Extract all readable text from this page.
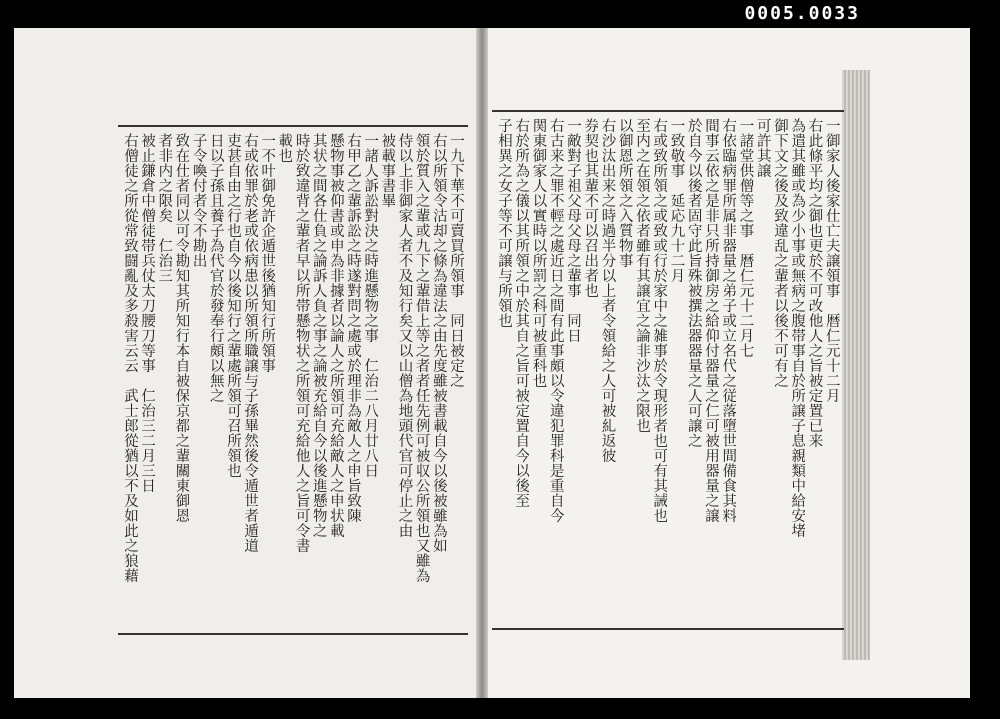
0005.0033
一九下華不可賣買所領事　同日被定之
右以所領令沽却之條為違法之由先度雖被書載自今以後被雖為如
領於質入之輩或九下之輩借上等之者者任先例可被収公所領也又雖為
侍以上非御家人者不及知行矣又以山僧為地頭代官可停止之由
被載事書畢
一諸人訴訟對決之時進懸物之事　仁治二八月廿八日
右甲乙之輩訴訟之時遂對問之處或於理非為敵人之申旨致陳
懸物事被仰書或申為非據者以論人之所領可充給敵人之申状載
其状之間各仕負之論訴人負之事之論被充給自今以後進懸物之
時於致違背之輩者早以所帯懸物状之所領可充給他人之旨可令書
載也
一不叶御免許企遁世後猶知行所領事
右或依罪於老或依病患以所領所職譲与子孫畢然後令遁世者遁道
吏甚自由之行也自今以後知行之輩處所領可召所領也
日以子孫且養子為代官於發奉行頗以無之
子令喚付者令不勘出
致在仕者同以可令勘知其所知行本自被保京都之輩關東御恩
者非内之限矣　仁治三
被止鎌倉中僧徒帯兵仗太刀腰刀等事　仁治三二月三日
右僧徒之所從常致闘亂及多殺害云云　武士郎從猶以不及如此之狼藉	一御家人後家仕亡夫譲領事　暦仁元十二月
右此條平均之御也更於不可改他人之旨被定置已来
為遣其雖或為少小事或無病之腹帯事自於所譲子息親類中給安堵
御下文之後及致違乱之輩者以後不可有之
可許其譲
一諸堂供僧等之事　暦仁元十二月七
右依臨病罪所属非器量之弟子或立名代之従落墮世間備食其料
間事云依之是非只所持御房之給仰付器量之仁可被用器量之譲
於自今以後者固守此旨殊被撰法器器量之人可譲之
一致敬事　延応九十二月
右或致所領之或致或行於家中之雑事於令現形者也可有其誡也
至内之在領之依者雖有其譲宜之論非沙汰之限也
以御恩所領之入質物事
右沙汰出来之時過半分以上者令領給之人可被糺返彼
券契也其輩不可以召出者也
一敵對子祖父母父母之輩事　同日
右古来之罪不輕之處近日之間有此事頗以令違犯罪科是重自今
関東御家人以實時以所罰之科可被重科也
右於所為之儀以其所領之中於其自之旨可被定置自今以後至
子相異之女子等不可譲与所領也
